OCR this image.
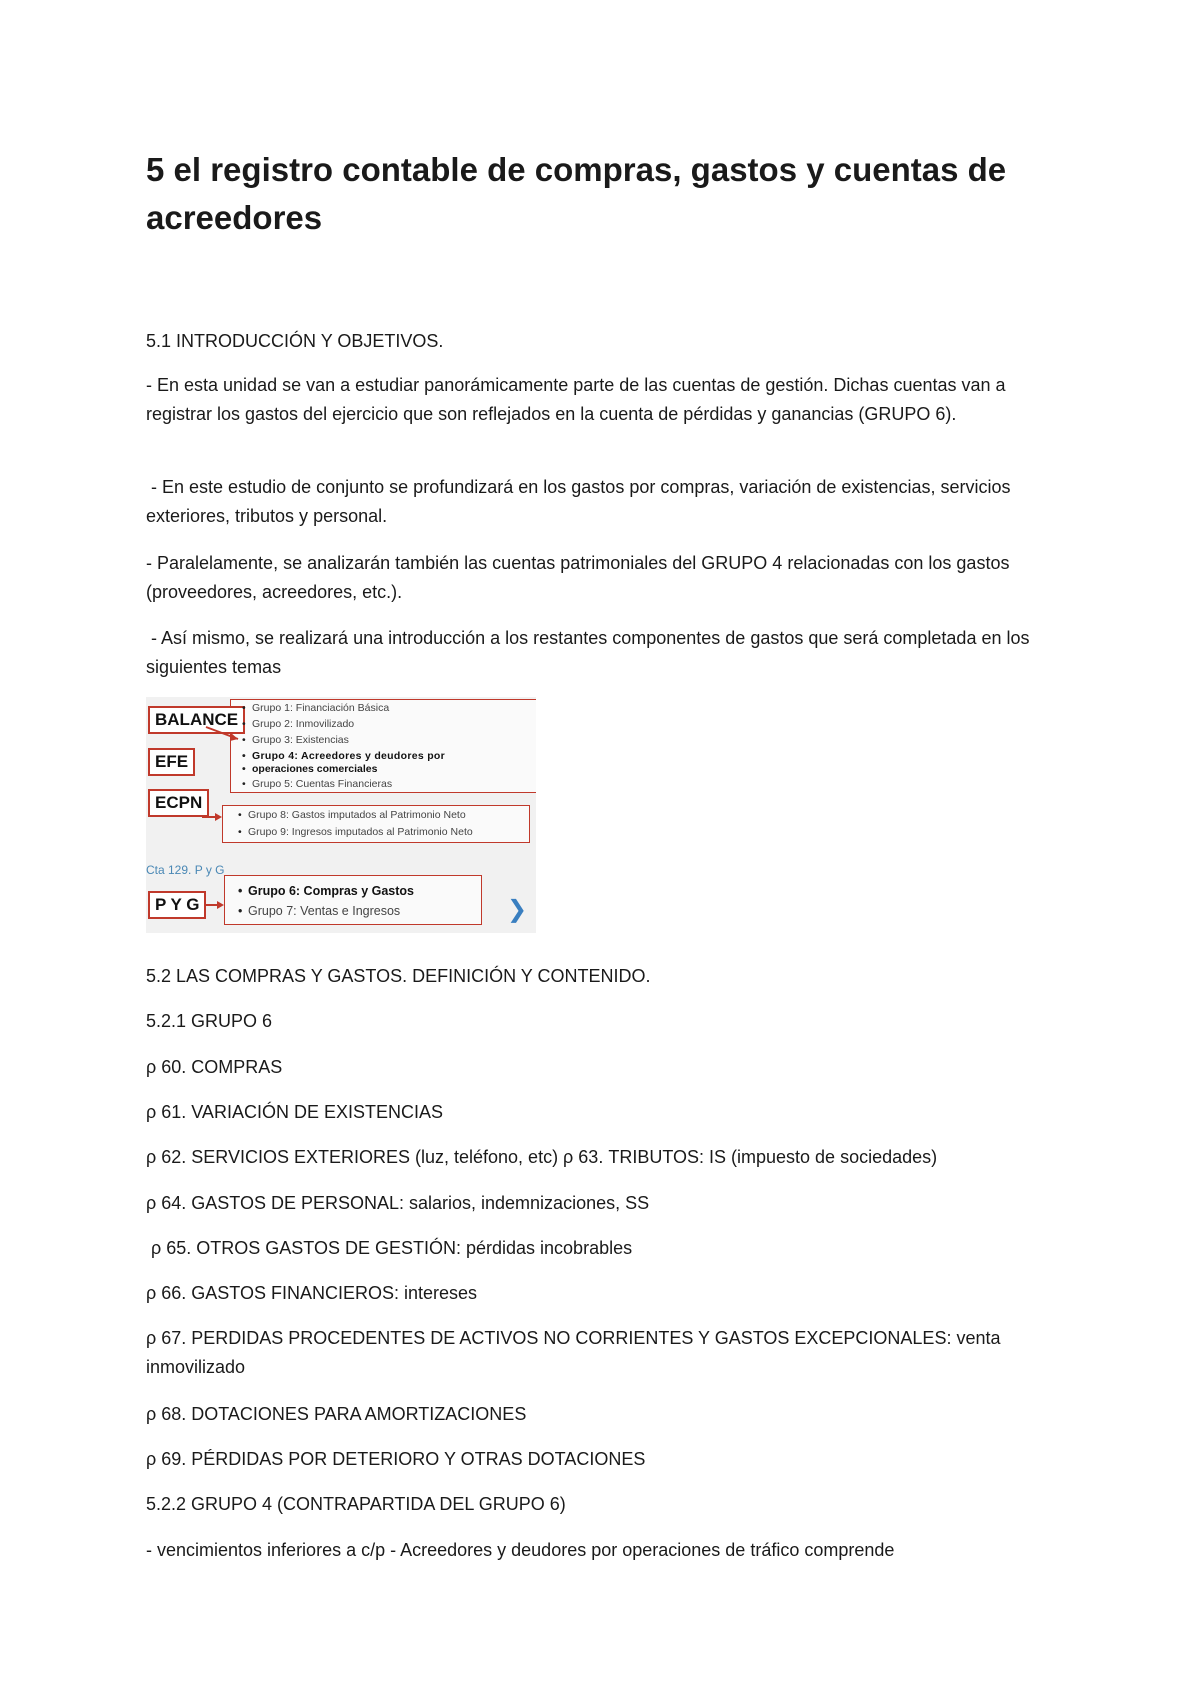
5 el registro contable de compras, gastos y cuentas de acreedores

5.1 INTRODUCCIÓN Y OBJETIVOS.

- En esta unidad se van a estudiar panorámicamente parte de las cuentas de gestión. Dichas cuentas van a registrar los gastos del ejercicio que son reflejados en la cuenta de pérdidas y ganancias (GRUPO 6).

- En este estudio de conjunto se profundizará en los gastos por compras, variación de existencias, servicios exteriores, tributos y personal.

- Paralelamente, se analizarán también las cuentas patrimoniales del GRUPO 4 relacionadas con los gastos (proveedores, acreedores, etc.).

- Así mismo, se realizará una introducción a los restantes componentes de gastos que será completada en los siguientes temas

BALANCE
EFE
ECPN
P Y G
• Grupo 1: Financiación Básica
• Grupo 2: Inmovilizado
• Grupo 3: Existencias
• Grupo 4: Acreedores y deudores por
• operaciones comerciales
• Grupo 5: Cuentas Financieras
• Grupo 8: Gastos imputados al Patrimonio Neto
• Grupo 9: Ingresos imputados al Patrimonio Neto
Cta 129. P y G
• Grupo 6: Compras y Gastos
• Grupo 7: Ventas e Ingresos	❯

5.2 LAS COMPRAS Y GASTOS. DEFINICIÓN Y CONTENIDO.

5.2.1 GRUPO 6

ρ 60. COMPRAS

ρ 61. VARIACIÓN DE EXISTENCIAS

ρ 62. SERVICIOS EXTERIORES (luz, teléfono, etc) ρ 63. TRIBUTOS: IS (impuesto de sociedades)

ρ 64. GASTOS DE PERSONAL: salarios, indemnizaciones, SS

ρ 65. OTROS GASTOS DE GESTIÓN: pérdidas incobrables

ρ 66. GASTOS FINANCIEROS: intereses

ρ 67. PERDIDAS PROCEDENTES DE ACTIVOS NO CORRIENTES Y GASTOS EXCEPCIONALES: venta inmovilizado

ρ 68. DOTACIONES PARA AMORTIZACIONES

ρ 69. PÉRDIDAS POR DETERIORO Y OTRAS DOTACIONES

5.2.2 GRUPO 4 (CONTRAPARTIDA DEL GRUPO 6)

- vencimientos inferiores a c/p - Acreedores y deudores por operaciones de tráfico comprende
